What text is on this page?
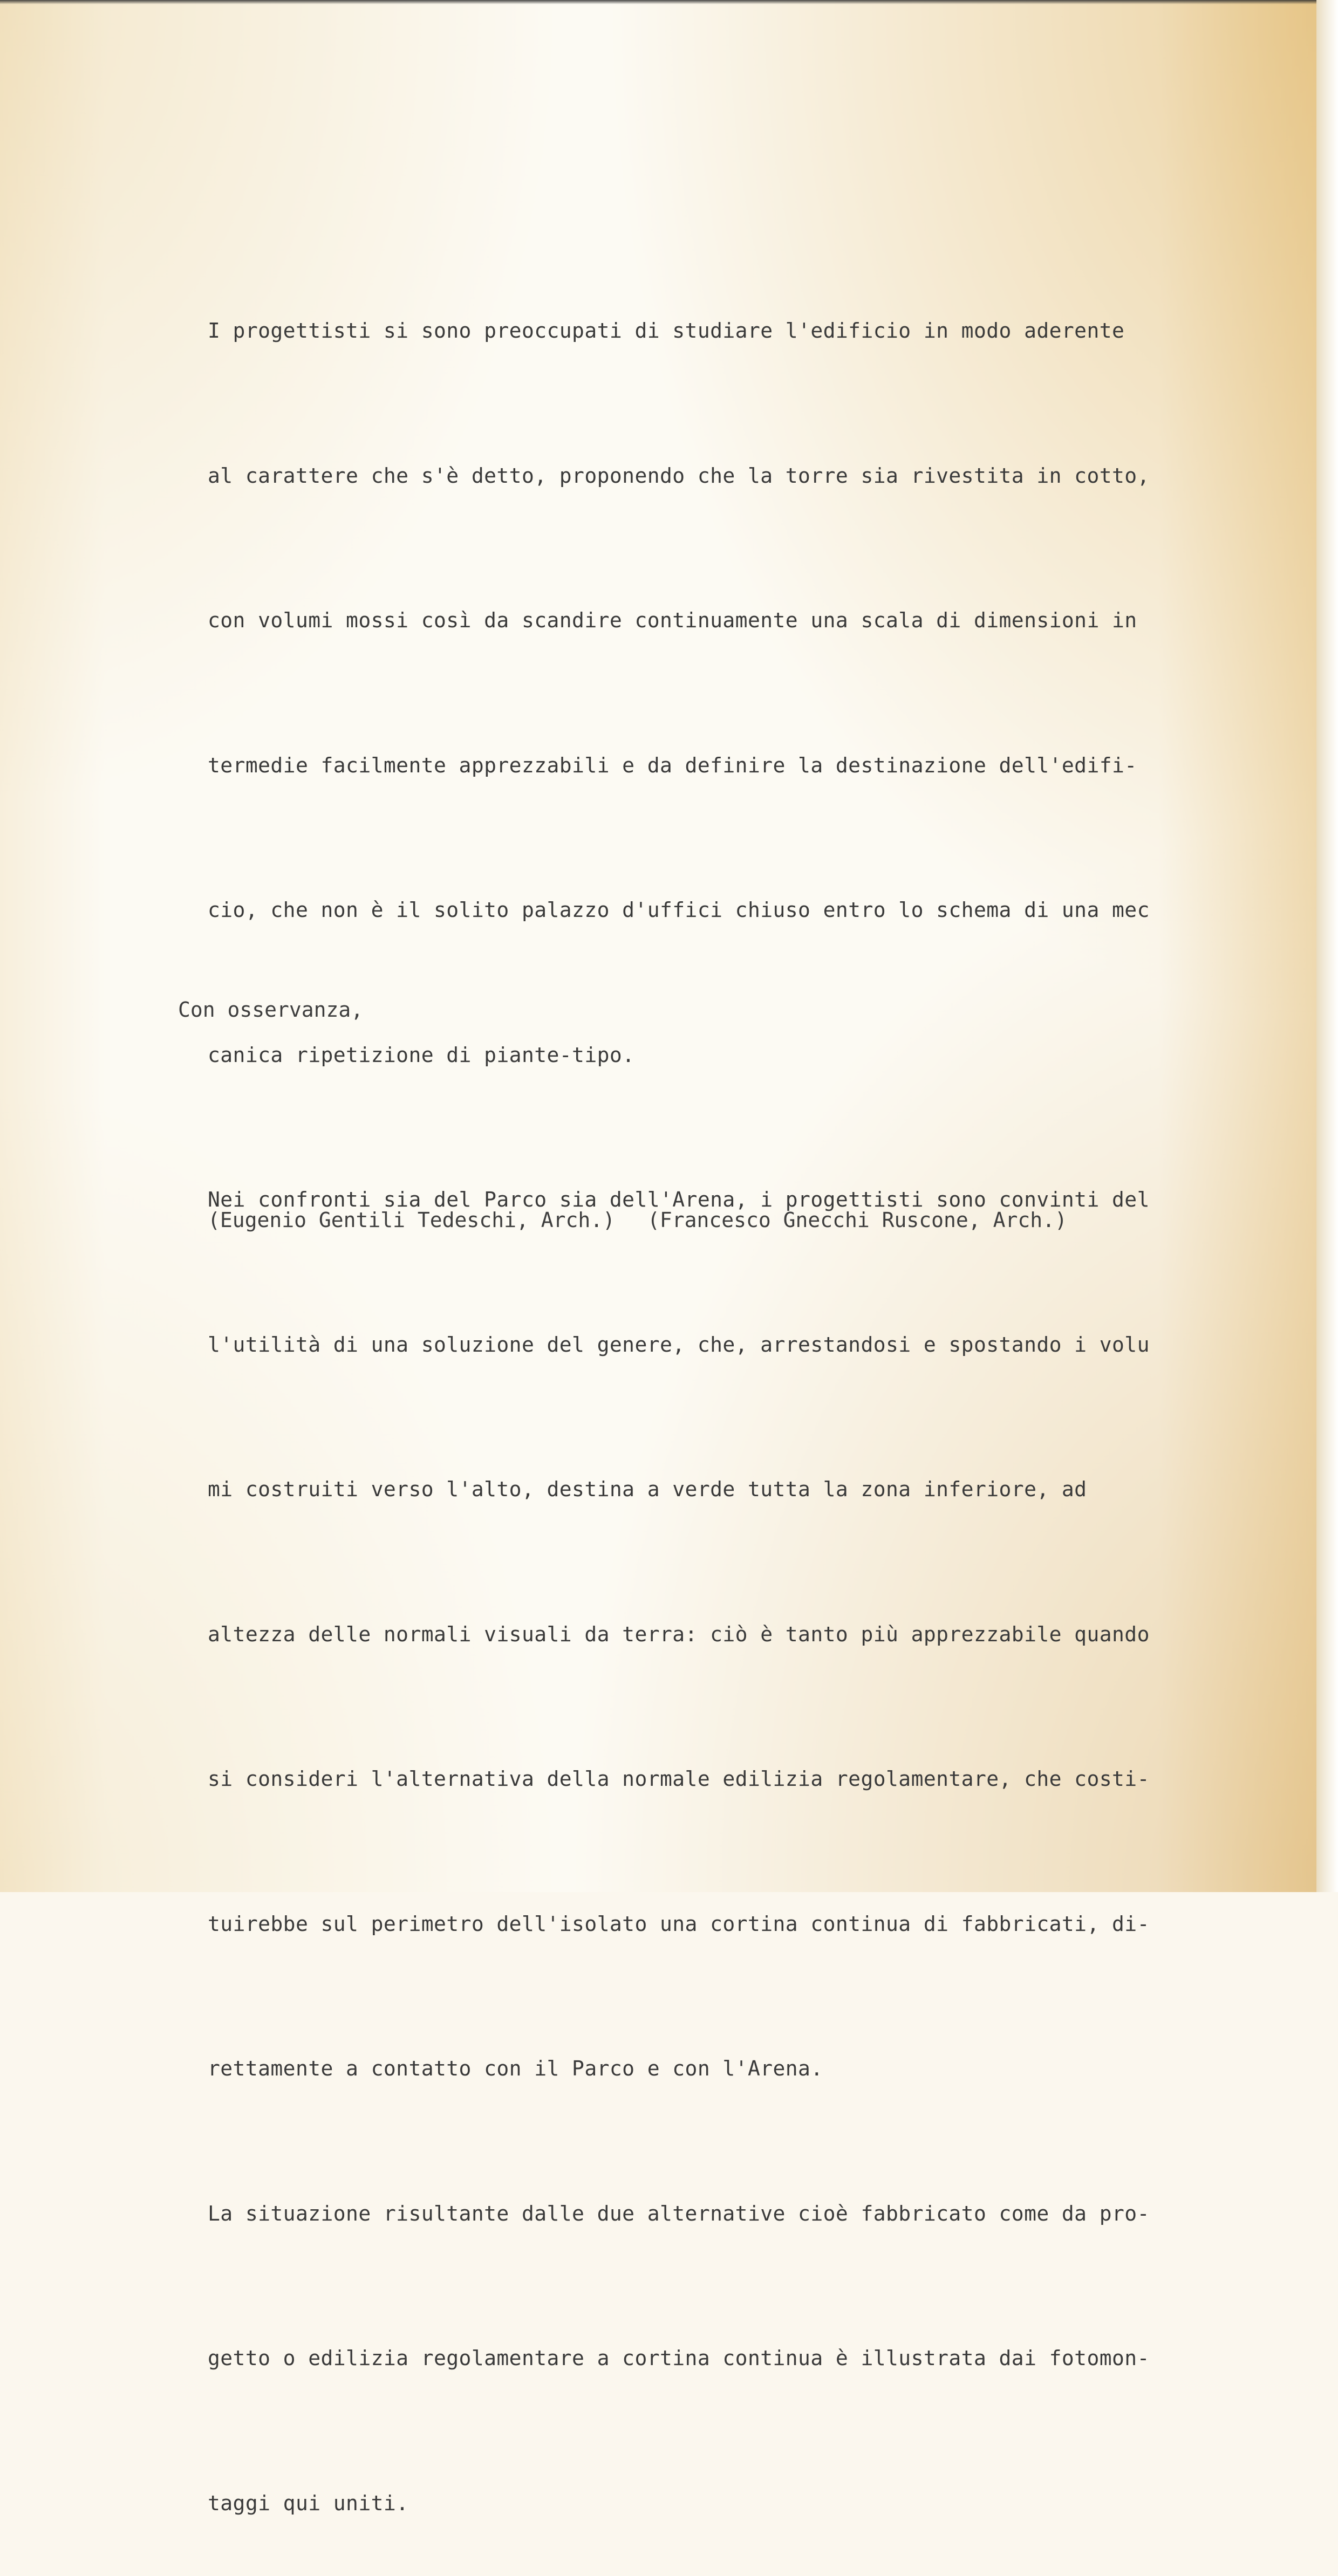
I progettisti si sono preoccupati di studiare l'edificio in modo aderente

al carattere che s'è detto, proponendo che la torre sia rivestita in cotto,

con volumi mossi così da scandire continuamente una scala di dimensioni in

termedie facilmente apprezzabili e da definire la destinazione dell'edifi-

cio, che non è il solito palazzo d'uffici chiuso entro lo schema di una mec

canica ripetizione di piante-tipo.

Nei confronti sia del Parco sia dell'Arena, i progettisti sono convinti del

l'utilità di una soluzione del genere, che, arrestandosi e spostando i volu

mi costruiti verso l'alto, destina a verde tutta la zona inferiore, ad

altezza delle normali visuali da terra: ciò è tanto più apprezzabile quando

si consideri l'alternativa della normale edilizia regolamentare, che costi-

tuirebbe sul perimetro dell'isolato una cortina continua di fabbricati, di-

rettamente a contatto con il Parco e con l'Arena.

La situazione risultante dalle due alternative cioè fabbricato come da pro-

getto o edilizia regolamentare a cortina continua è illustrata dai fotomon-

taggi qui uniti.

Con osservanza,

(Eugenio Gentili Tedeschi, Arch.) (Francesco Gnecchi Ruscone, Arch.)
